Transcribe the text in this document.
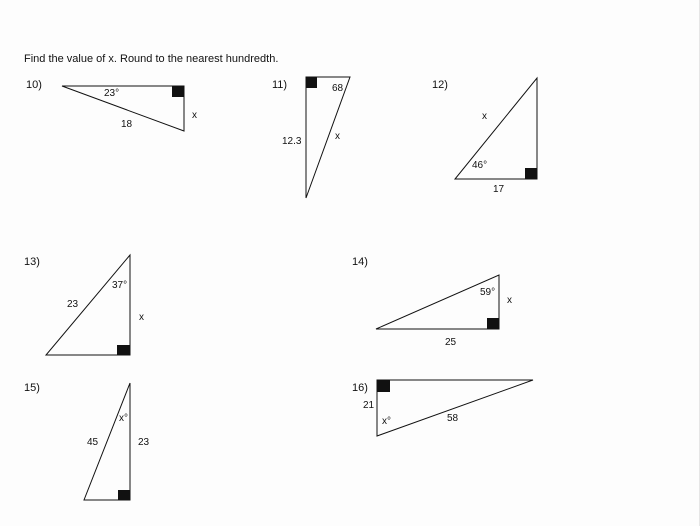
Find the value of x. Round to the nearest hundredth.
10)	11)	12)
13)	14)
15)	16)
23°
18
x
68
12.3	x
x
46°
17
37°
23
x
59°
x
25
x°
45	23
21
x°	58
